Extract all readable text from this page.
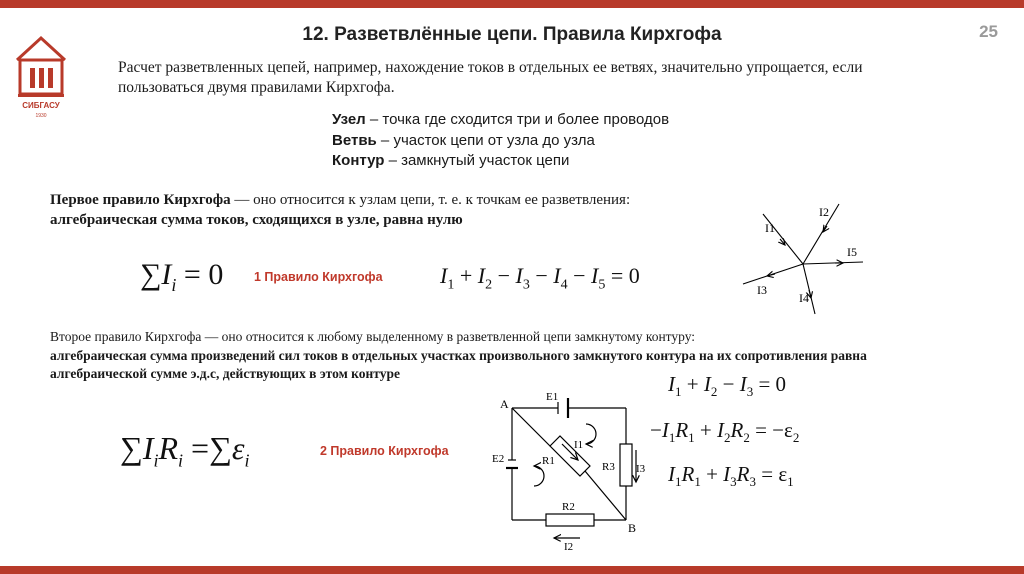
СИБГАСУ
1930
12. Разветвлённые цепи. Правила Кирхгофа	25
Расчет разветвленных цепей, например, нахождение токов в отдельных ее ветвях, значительно упрощается, если пользоваться двумя правилами Кирхгофа.
Узел – точка где сходится три и более проводов
Ветвь – участок цепи от узла до узла
Контур – замкнутый участок цепи
Первое правило Кирхгофа — оно относится к узлам цепи, т. е. к точкам ее разветвления:
алгебраическая сумма токов, сходящихся в узле, равна нулю
$\sum I_i = 0$ 1 Правило Кирхгофа	$I_1 + I_2 - I_3 - I_4 - I_5 = 0$
I1
I2
I3
I4
I5
Второе правило Кирхгофа — оно относится к любому выделенному в разветвленной цепи замкнутому контуру:

алгебраическая сумма произведений сил токов в отдельных участках произвольного замкнутого контура на их сопротивления равна алгебраической сумме э.д.с, действующих в этом контуре
$\sum I_iR_i =\sum\varepsilon_i$	2 Правило Кирхгофа
$I_1 + I_2 - I_3 = 0$
$-I_1R_1 + I_2R_2 = -\varepsilon_2$
$I_1R_1 + I_3R_3 = \varepsilon_1$
A
B
E1
E2	R1
R2
R3
I1
I2
I3
